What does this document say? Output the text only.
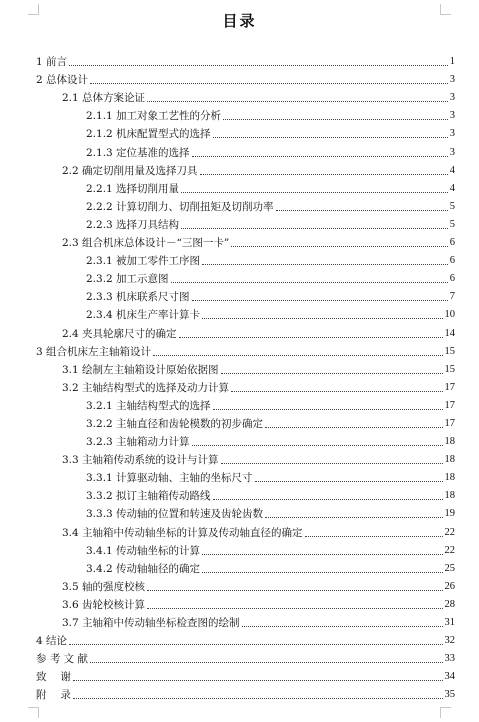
目录
1 前言	1
2 总体设计	3
2.1 总体方案论证	3
2.1.1 加工对象工艺性的分析	3
2.1.2 机床配置型式的选择	3
2.1.3 定位基准的选择	3
2.2 确定切削用量及选择刀具	4
2.2.1 选择切削用量	4
2.2.2 计算切削力、切削扭矩及切削功率	5
2.2.3 选择刀具结构	5
2.3 组合机床总体设计－“三图一卡”	6
2.3.1 被加工零件工序图	6
2.3.2 加工示意图	6
2.3.3 机床联系尺寸图	7
2.3.4 机床生产率计算卡	10
2.4 夹具轮廓尺寸的确定	14
3 组合机床左主轴箱设计	15
3.1 绘制左主轴箱设计原始依据图	15
3.2 主轴结构型式的选择及动力计算	17
3.2.1 主轴结构型式的选择	17
3.2.2 主轴直径和齿轮模数的初步确定	17
3.2.3 主轴箱动力计算	18
3.3 主轴箱传动系统的设计与计算	18
3.3.1 计算驱动轴、主轴的坐标尺寸	18
3.3.2 拟订主轴箱传动路线	18
3.3.3 传动轴的位置和转速及齿轮齿数	19
3.4 主轴箱中传动轴坐标的计算及传动轴直径的确定	22
3.4.1 传动轴坐标的计算	22
3.4.2 传动轴轴径的确定	25
3.5 轴的强度校核	26
3.6 齿轮校核计算	28
3.7 主轴箱中传动轴坐标检查图的绘制	31
4 结论	32
参 考 文 献	33
致　 谢	34
附　 录	35
